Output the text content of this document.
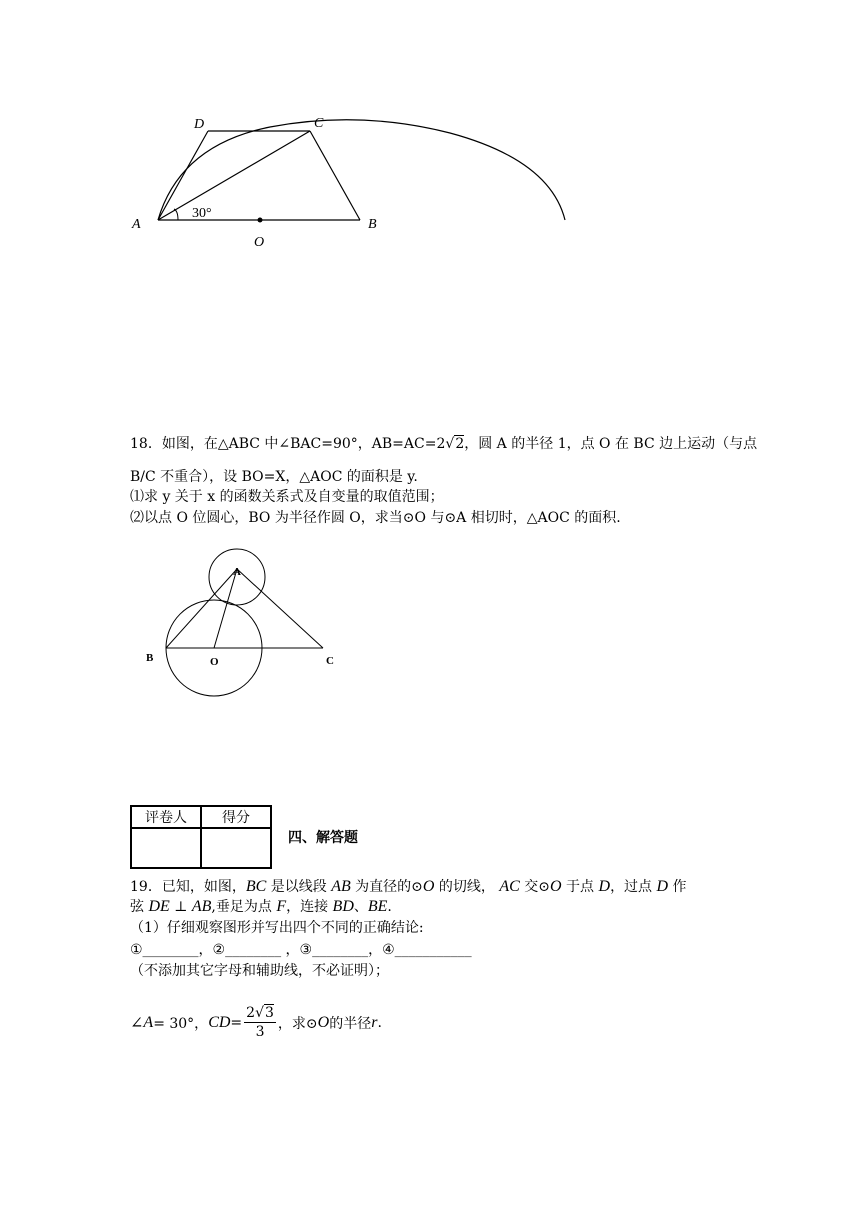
A	B
C
D
O
30°
18．如图，在△ABC 中∠BAC=90°，AB=AC=2√2，圆 A 的半径 1，点 O 在 BC 边上运动（与点
B/C 不重合），设 BO=X，△AOC 的面积是 y.
⑴求 y 关于 x 的函数关系式及自变量的取值范围；
⑵以点 O 位圆心，BO 为半径作圆 O，求当⊙O 与⊙A 相切时，△AOC 的面积.
A
B	O	C
评卷人	得分

四、解答题
19．已知，如图，BC 是以线段 AB 为直径的⊙O 的切线， AC 交⊙O 于点 D，过点 D 作
弦 DE ⊥ AB,垂足为点 F，连接 BD、BE.
（1）仔细观察图形并写出四个不同的正确结论:
①________，②________ ，③________，④___________
（不添加其它字母和辅助线，不必证明）；
∠ A = 30°， CD = $\frac{2√3}{3}$ ，求⊙ O 的半径 r .
